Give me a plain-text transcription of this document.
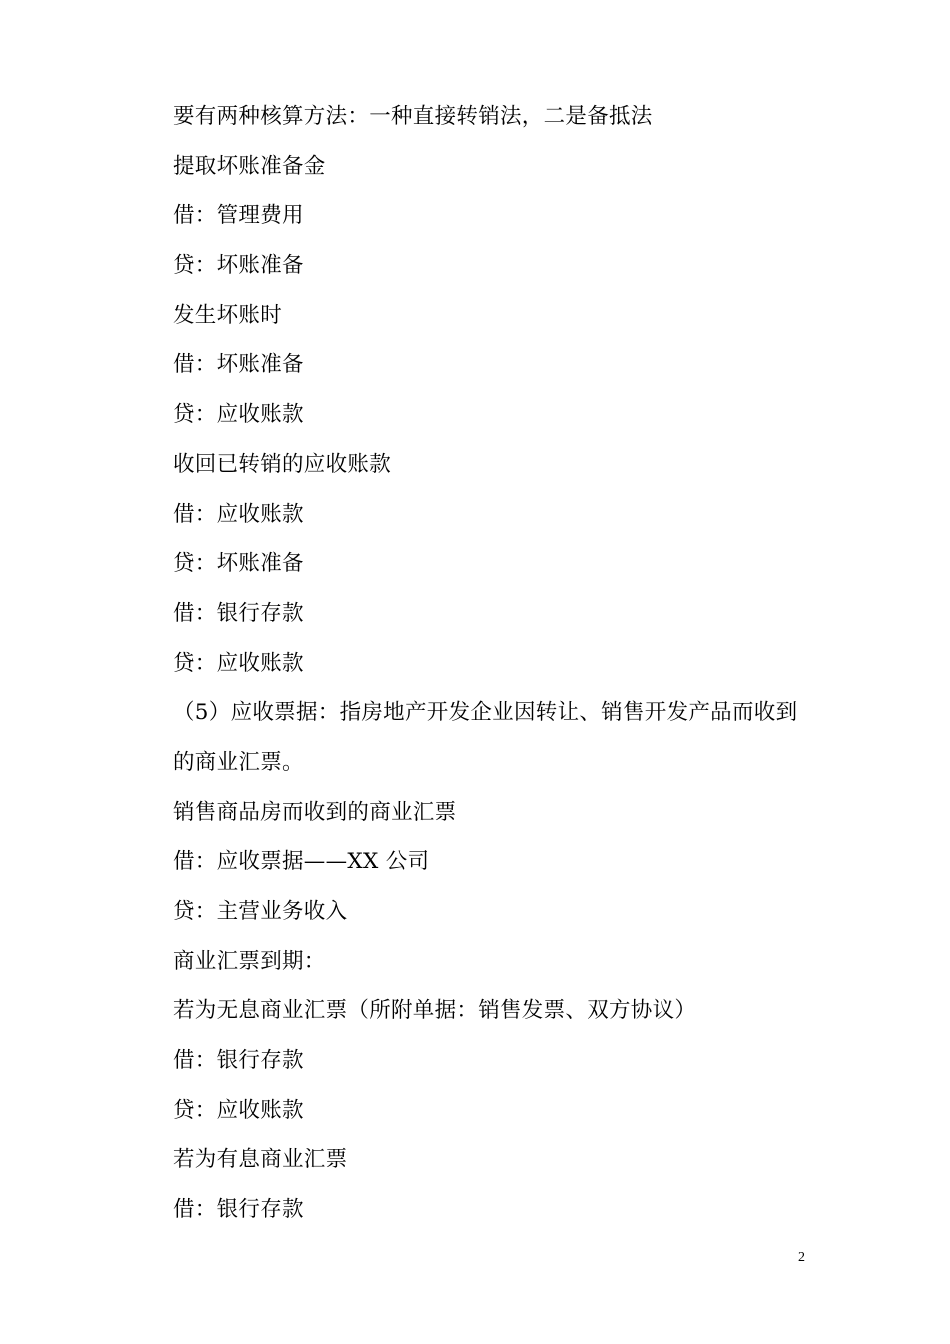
要有两种核算方法：一种直接转销法，二是备抵法
提取坏账准备金
借：管理费用
贷：坏账准备
发生坏账时
借：坏账准备
贷：应收账款
收回已转销的应收账款
借：应收账款
贷：坏账准备
借：银行存款
贷：应收账款
（5）应收票据：指房地产开发企业因转让、销售开发产品而收到
的商业汇票。
销售商品房而收到的商业汇票
借：应收票据——XX 公司
贷：主营业务收入
商业汇票到期：
若为无息商业汇票（所附单据：销售发票、双方协议）
借：银行存款
贷：应收账款
若为有息商业汇票
借：银行存款
2
